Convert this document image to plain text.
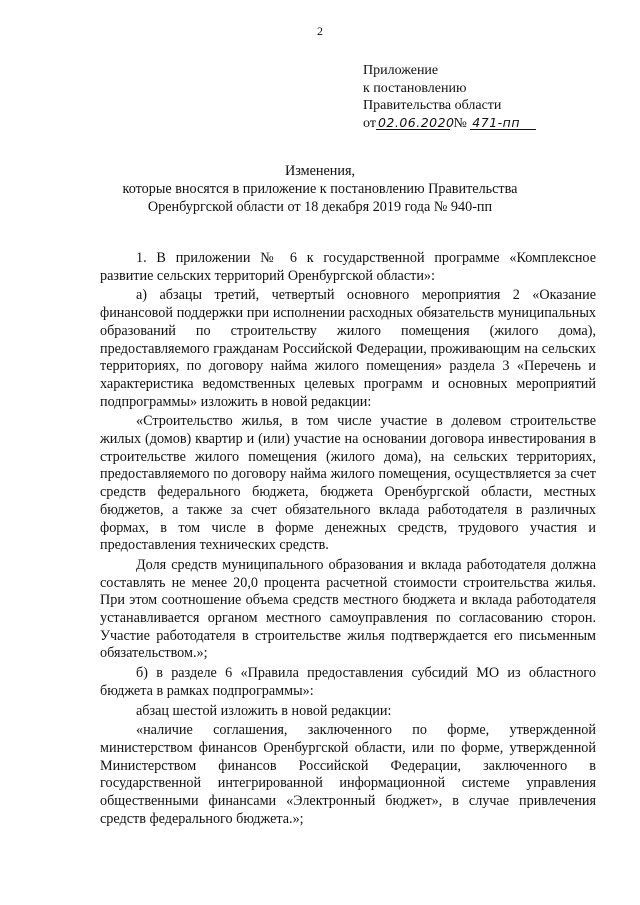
2
Приложение
к постановлению
Правительства области
от 02.06.2020 № 471-пп
Изменения,
которые вносятся в приложение к постановлению Правительства
Оренбургской области от 18 декабря 2019 года № 940-пп

1. В приложении № 6 к государственной программе «Комплексное развитие сельских территорий Оренбургской области»:

а) абзацы третий, четвертый основного мероприятия 2 «Оказание финансовой поддержки при исполнении расходных обязательств муниципальных образований по строительству жилого помещения (жилого дома), предоставляемого гражданам Российской Федерации, проживающим на сельских территориях, по договору найма жилого помещения» раздела 3 «Перечень и характеристика ведомственных целевых программ и основных мероприятий подпрограммы» изложить в новой редакции:

«Строительство жилья, в том числе участие в долевом строительстве жилых (домов) квартир и (или) участие на основании договора инвестирования в строительстве жилого помещения (жилого дома), на сельских территориях, предоставляемого по договору найма жилого помещения, осуществляется за счет средств федерального бюджета, бюджета Оренбургской области, местных бюджетов, а также за счет обязательного вклада работодателя в различных формах, в том числе в форме денежных средств, трудового участия и предоставления технических средств.

Доля средств муниципального образования и вклада работодателя должна составлять не менее 20,0 процента расчетной стоимости строительства жилья. При этом соотношение объема средств местного бюджета и вклада работодателя устанавливается органом местного самоуправления по согласованию сторон. Участие работодателя в строительстве жилья подтверждается его письменным обязательством.»;

б) в разделе 6 «Правила предоставления субсидий МО из областного бюджета в рамках подпрограммы»:

абзац шестой изложить в новой редакции:

«наличие соглашения, заключенного по форме, утвержденной министерством финансов Оренбургской области, или по форме, утвержденной Министерством финансов Российской Федерации, заключенного в государственной интегрированной информационной системе управления общественными финансами «Электронный бюджет», в случае привлечения средств федерального бюджета.»;
